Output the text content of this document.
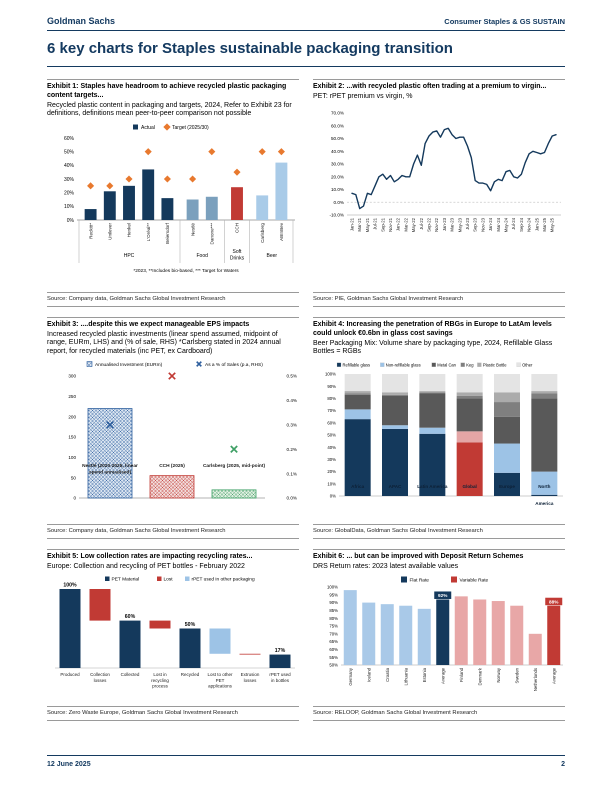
Goldman Sachs	Consumer Staples & GS SUSTAIN
6 key charts for Staples sustainable packaging transition
Exhibit 1: Staples have headroom to achieve recycled plastic packaging content targets...

Recycled plastic content in packaging and targets, 2024, Refer to Exhibit 23 for definitions, definitions mean peer-to-peer comparison not possible

Actual	Target (2025/30)
0%
10%
20%
30%
40%
50%
60%
Reckitt*	Unilever	Henkel	L'Oréal**	Beiersdorf	Nestlé	Danone***	CCH	Carlsberg	ABInBev
HPC	Food
Soft
Drinks	Beer
*2023, **Includes bio-based, *** Target for Waters
Source: Company data, Goldman Sachs Global Investment Research
Exhibit 2: ...with recycled plastic often trading at a premium to virgin...

PET: rPET premium vs virgin, %

70.0%
60.0%
50.0%
40.0%
30.0%
20.0%
10.0%
0.0%
-10.0%
Jan-21 Mar-21 May-21 Jul-21 Sep-21 Nov-21 Jan-22 Mar-22 May-22 Jul-22 Sep-22 Nov-22 Jan-23 Mar-23 May-23 Jul-23 Sep-23 Nov-23 Jan-24 Mar-24 May-24 Jul-24 Sep-24 Nov-24 Jan-25 Mar-25 May-25
Source: PIE, Goldman Sachs Global Investment Research
Exhibit 3: ....despite this we expect manageable EPS impacts

Increased recycled plastic investments (linear spend assumed, midpoint of range, EURm, LHS) and (% of sale, RHS) *Carlsberg stated in 2024 annual report, for recycled materials (inc PET, ex Cardboard)

Annualised Investment (EURm)	As a % of Sales (p.a, RHS)
0
50
100
150
200
250
300
0.0%
0.1%
0.2%
0.3%
0.4%
0.5%
Nestlé (2020-2025, linear
spend annualised)
CCH (2025)	Carlsberg (2025, mid-point)
Source: Company data, Goldman Sachs Global Investment Research
Exhibit 4: Increasing the penetration of RBGs in Europe to LatAm levels could unlock €0.6bn in glass cost savings

Beer Packaging Mix: Volume share by packaging type, 2024, Refillable Glass Bottles = RGBs

Refillable glass	Non-refillable glass	Metal Can	Keg Plastic Bottle	Other
0%
10%
20%
30%
40%
50%
60%
70%
80%
90%
100%
Africa	APAC	Latin America	Global	Europe	North
America
Source: GlobalData, Goldman Sachs Global Investment Research
Exhibit 5: Low collection rates are impacting recycling rates...

Europe: Collection and recycling of PET bottles - February 2022

PET Material	Lost	rPET used in other packaging
100%
Produced Collection
losses
60%
Collected	Lost in
recycling
process
50%
Recycled Lost to other
PET
applications
Extrusion
losses
17%
rPET used
in bottles
Source: Zero Waste Europe, Goldman Sachs Global Investment Research
Exhibit 6: ... but can be improved with Deposit Return Schemes

DRS Return rates: 2023 latest available values

Flat Rate	Variable Rate
50%
55%
60%
65%
70%
75%
80%
85%
90%
95%
100%
92%
88%
Germany	Iceland	Croatia	Lithuania	Estonia	Average	Finland	Denmark	Norway	Sweden	Netherlands	Average
Source: RELOOP, Goldman Sachs Global Investment Research
12 June 2025	2
